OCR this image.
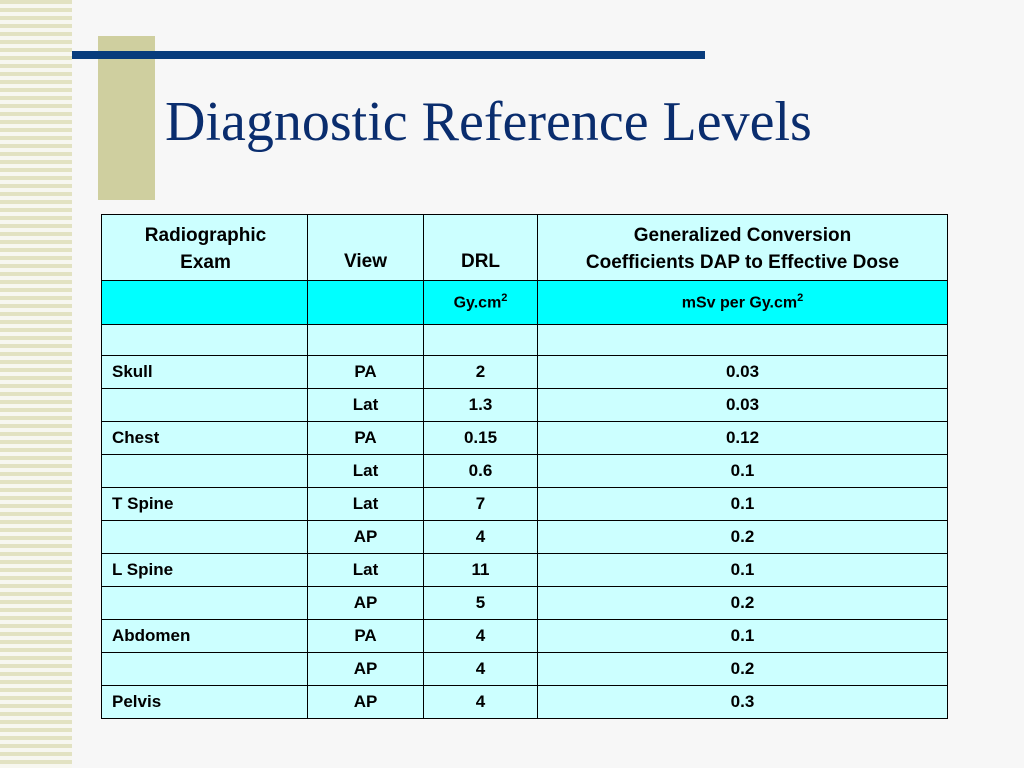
Diagnostic Reference Levels
Radiographic
Exam	View	DRL	Generalized Conversion
Coefficients DAP to Effective Dose
		$Gy.cm^2$	mSv per $Gy.cm^2$

Skull	PA	2	0.03
	Lat	1.3	0.03
Chest	PA	0.15	0.12
	Lat	0.6	0.1
T Spine	Lat	7	0.1
	AP	4	0.2
L Spine	Lat	11	0.1
	AP	5	0.2
Abdomen	PA	4	0.1
	AP	4	0.2
Pelvis	AP	4	0.3
